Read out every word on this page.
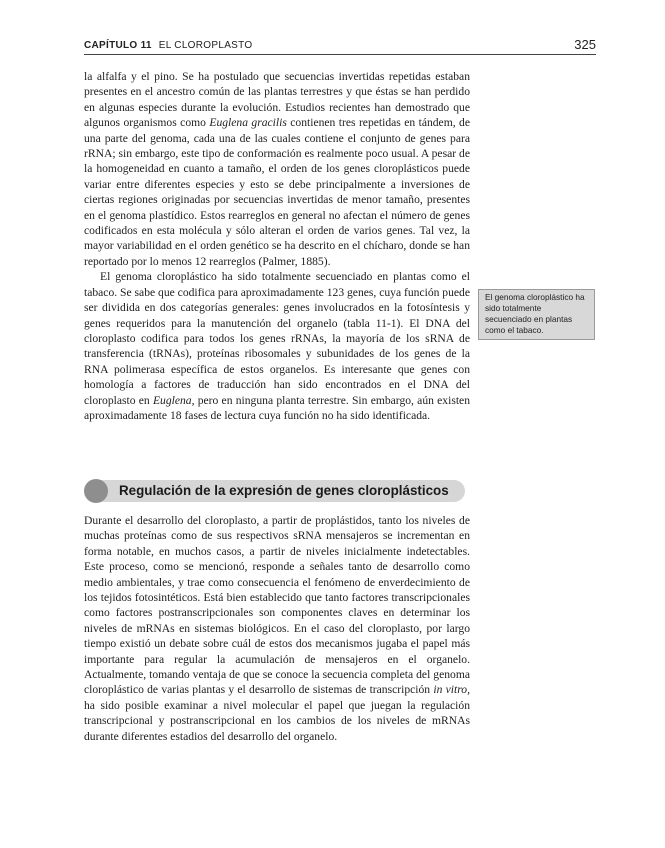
CAPÍTULO 11 EL CLOROPLASTO	325

la alfalfa y el pino. Se ha postulado que secuencias invertidas repetidas estaban presentes en el ancestro común de las plantas terrestres y que éstas se han perdido en algunas especies durante la evolución. Estudios recientes han demostrado que algunos organismos como Euglena gracilis contienen tres repetidas en tándem, de una parte del genoma, cada una de las cuales contiene el conjunto de genes para rRNA; sin embargo, este tipo de conformación es realmente poco usual. A pesar de la homogeneidad en cuanto a tamaño, el orden de los genes cloroplásticos puede variar entre diferentes especies y esto se debe principalmente a inversiones de ciertas regiones originadas por secuencias invertidas de menor tamaño, presentes en el genoma plastídico. Estos rearreglos en general no afectan el número de genes codificados en esta molécula y sólo alteran el orden de varios genes. Tal vez, la mayor variabilidad en el orden genético se ha descrito en el chícharo, donde se han reportado por lo menos 12 rearreglos (Palmer, 1885).

El genoma cloroplástico ha sido totalmente secuenciado en plantas como el tabaco. Se sabe que codifica para aproximadamente 123 genes, cuya función puede ser dividida en dos categorías generales: genes involucrados en la fotosíntesis y genes requeridos para la manutención del organelo (tabla 11-1). El DNA del cloroplasto codifica para todos los genes rRNAs, la mayoría de los sRNA de transferencia (tRNAs), proteínas ribosomales y subunidades de los genes de la RNA polimerasa específica de estos organelos. Es interesante que genes con homología a factores de traducción han sido encontrados en el DNA del cloroplasto en Euglena, pero en ninguna planta terrestre. Sin embargo, aún existen aproximadamente 18 fases de lectura cuya función no ha sido identificada.

El genoma cloroplástico ha sido totalmente secuenciado en plantas como el tabaco.
Regulación de la expresión de genes cloroplásticos

Durante el desarrollo del cloroplasto, a partir de proplástidos, tanto los niveles de muchas proteínas como de sus respectivos sRNA mensajeros se incrementan en forma notable, en muchos casos, a partir de niveles inicialmente indetectables. Este proceso, como se mencionó, responde a señales tanto de desarrollo como medio ambientales, y trae como consecuencia el fenómeno de enverdecimiento de los tejidos fotosintéticos. Está bien establecido que tanto factores transcripcionales como factores postranscripcionales son componentes claves en determinar los niveles de mRNAs en sistemas biológicos. En el caso del cloroplasto, por largo tiempo existió un debate sobre cuál de estos dos mecanismos jugaba el papel más importante para regular la acumulación de mensajeros en el organelo. Actualmente, tomando ventaja de que se conoce la secuencia completa del genoma cloroplástico de varias plantas y el desarrollo de sistemas de transcripción in vitro, ha sido posible examinar a nivel molecular el papel que juegan la regulación transcripcional y postranscripcional en los cambios de los niveles de mRNAs durante diferentes estadios del desarrollo del organelo.
